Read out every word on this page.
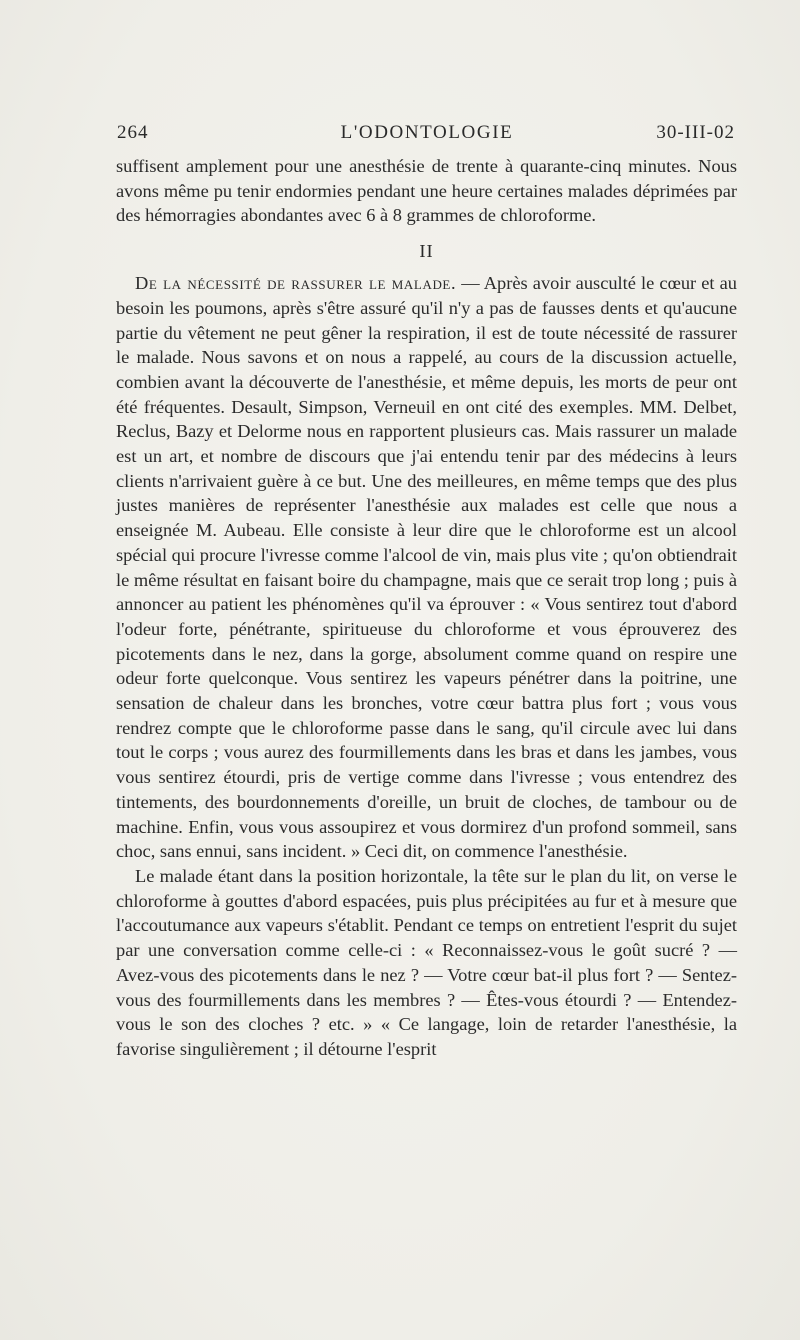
264	L'ODONTOLOGIE	30-III-02

suffisent amplement pour une anesthésie de trente à quarante-cinq minutes. Nous avons même pu tenir endormies pendant une heure certaines malades déprimées par des hémorragies abondantes avec 6 à 8 grammes de chloroforme.

II

De la nécessité de rassurer le malade. — Après avoir ausculté le cœur et au besoin les poumons, après s'être assuré qu'il n'y a pas de fausses dents et qu'aucune partie du vêtement ne peut gêner la respiration, il est de toute nécessité de rassurer le malade. Nous savons et on nous a rappelé, au cours de la discussion actuelle, combien avant la découverte de l'anesthésie, et même depuis, les morts de peur ont été fréquentes. Desault, Simpson, Verneuil en ont cité des exemples. MM. Delbet, Reclus, Bazy et Delorme nous en rapportent plusieurs cas. Mais rassurer un malade est un art, et nombre de discours que j'ai entendu tenir par des médecins à leurs clients n'arrivaient guère à ce but. Une des meilleures, en même temps que des plus justes manières de représenter l'anesthésie aux malades est celle que nous a enseignée M. Aubeau. Elle consiste à leur dire que le chloroforme est un alcool spécial qui procure l'ivresse comme l'alcool de vin, mais plus vite ; qu'on obtiendrait le même résultat en faisant boire du champagne, mais que ce serait trop long ; puis à annoncer au patient les phénomènes qu'il va éprouver : « Vous sentirez tout d'abord l'odeur forte, pénétrante, spiritueuse du chloroforme et vous éprouverez des picotements dans le nez, dans la gorge, absolument comme quand on respire une odeur forte quelconque. Vous sentirez les vapeurs pénétrer dans la poitrine, une sensation de chaleur dans les bronches, votre cœur battra plus fort ; vous vous rendrez compte que le chloroforme passe dans le sang, qu'il circule avec lui dans tout le corps ; vous aurez des fourmillements dans les bras et dans les jambes, vous vous sentirez étourdi, pris de vertige comme dans l'ivresse ; vous entendrez des tintements, des bourdonnements d'oreille, un bruit de cloches, de tambour ou de machine. Enfin, vous vous assoupirez et vous dormirez d'un profond sommeil, sans choc, sans ennui, sans incident. » Ceci dit, on commence l'anesthésie.

Le malade étant dans la position horizontale, la tête sur le plan du lit, on verse le chloroforme à gouttes d'abord espacées, puis plus précipitées au fur et à mesure que l'accoutumance aux vapeurs s'établit. Pendant ce temps on entretient l'esprit du sujet par une conversation comme celle-ci : « Reconnaissez-vous le goût sucré ? — Avez-vous des picotements dans le nez ? — Votre cœur bat-il plus fort ? — Sentez-vous des fourmillements dans les membres ? — Êtes-vous étourdi ? — Entendez-vous le son des cloches ? etc. » « Ce langage, loin de retarder l'anesthésie, la favorise singulièrement ; il détourne l'esprit
